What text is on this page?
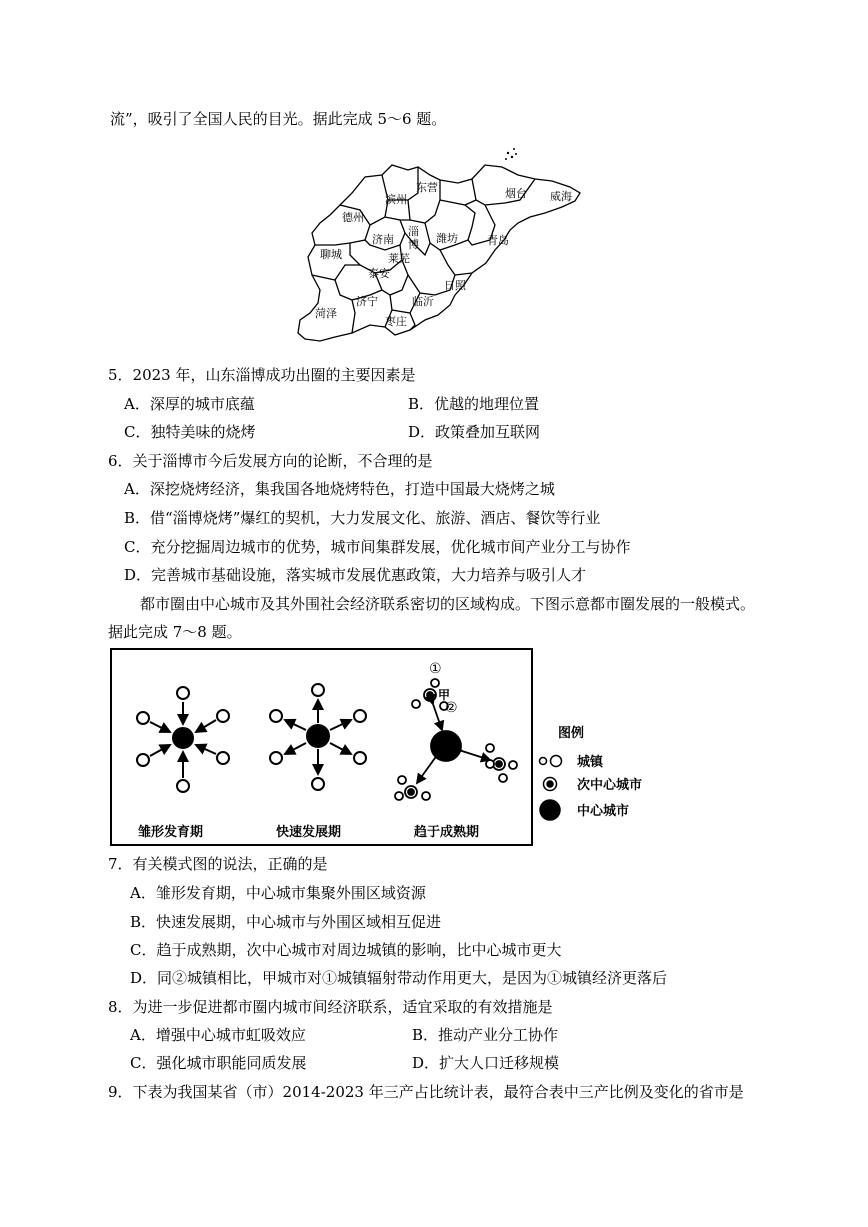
流”，吸引了全国人民的目光。据此完成 5～6 题。
东营
滨州	烟台 威海
德州
济南
淄
博 潍坊	青岛
聊城	莱芜
泰安
日照
济宁	临沂
菏泽
枣庄
5．2023 年，山东淄博成功出圈的主要因素是
A．深厚的城市底蕴	B．优越的地理位置
C．独特美味的烧烤	D．政策叠加互联网
6．关于淄博市今后发展方向的论断，不合理的是
A．深挖烧烤经济，集我国各地烧烤特色，打造中国最大烧烤之城
B．借“淄博烧烤”爆红的契机，大力发展文化、旅游、酒店、餐饮等行业
C．充分挖掘周边城市的优势，城市间集群发展，优化城市间产业分工与协作
D．完善城市基础设施，落实城市发展优惠政策，大力培养与吸引人才
都市圈由中心城市及其外围社会经济联系密切的区域构成。下图示意都市圈发展的一般模式。
据此完成 7～8 题。
①
甲
②
雏形发育期	快速发展期	趋于成熟期
图例
城镇
次中心城市
中心城市
7．有关模式图的说法，正确的是
A．雏形发育期，中心城市集聚外围区域资源
B．快速发展期，中心城市与外围区域相互促进
C．趋于成熟期，次中心城市对周边城镇的影响，比中心城市更大
D．同②城镇相比，甲城市对①城镇辐射带动作用更大，是因为①城镇经济更落后
8．为进一步促进都市圈内城市间经济联系，适宜采取的有效措施是
A．增强中心城市虹吸效应	B．推动产业分工协作
C．强化城市职能同质发展	D．扩大人口迁移规模
9．下表为我国某省（市）2014-2023 年三产占比统计表，最符合表中三产比例及变化的省市是
